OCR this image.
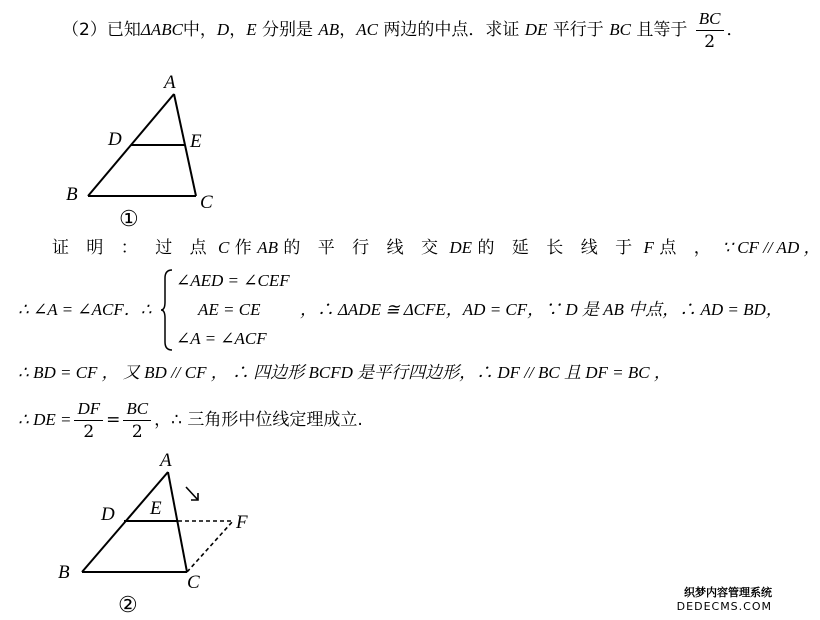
（2）已知ΔABC中，D，E 分别是 AB，AC 两边的中点．求证 DE 平行于 BC 且等于 $\frac{BC}{2}$ ．
A
D	E
B	C
①
A
D E
F
B	C
②
证 明 ： 过 点 C 作 AB 的 平 行 线 交 DE 的 延 长 线 于 F 点 ， ∵ CF // AD ，
∴ ∠A = ∠ACF．∴
∠AED = ∠CEF
AE = CE
∠A = ∠ACF
，∴ ΔADE ≅ ΔCFE，AD = CF，∵ D 是 AB 中点，∴ AD = BD，
∴ BD = CF ， 又 BD // CF ， ∴ 四边形 BCFD 是平行四边形，∴ DF // BC 且 DF = BC ，
∴ DE = $\frac{DF}{2} = \frac{BC}{2}$ ，∴ 三角形中位线定理成立.
织梦内容管理系统
DEDECMS.COM
